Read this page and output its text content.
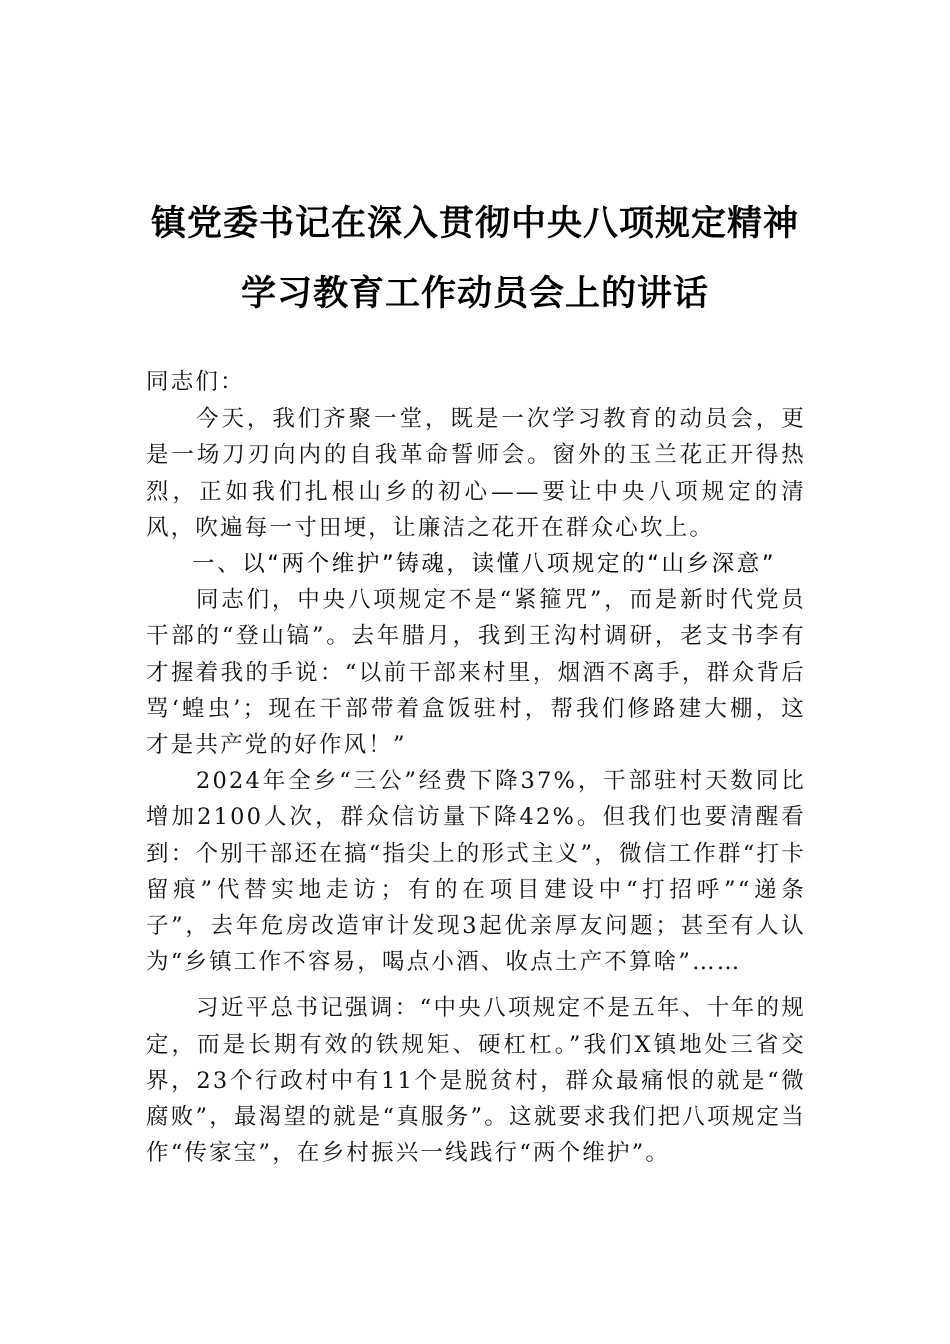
镇党委书记在深入贯彻中央八项规定精神
学习教育工作动员会上的讲话

同志们：

今天，我们齐聚一堂，既是一次学习教育的动员会，更是一场刀刃向内的自我革命誓师会。窗外的玉兰花正开得热烈，正如我们扎根山乡的初心——要让中央八项规定的清风，吹遍每一寸田埂，让廉洁之花开在群众心坎上。

一、以“两个维护”铸魂，读懂八项规定的“山乡深意”

同志们，中央八项规定不是“紧箍咒”，而是新时代党员干部的“登山镐”。去年腊月，我到王沟村调研，老支书李有才握着我的手说：“以前干部来村里，烟酒不离手，群众背后骂‘蝗虫’；现在干部带着盒饭驻村，帮我们修路建大棚，这才是共产党的好作风！”

2024年全乡“三公”经费下降37%，干部驻村天数同比增加2100人次，群众信访量下降42%。但我们也要清醒看到：个别干部还在搞“指尖上的形式主义”，微信工作群“打卡留痕”代替实地走访；有的在项目建设中“打招呼”“递条子”，去年危房改造审计发现3起优亲厚友问题；甚至有人认为“乡镇工作不容易，喝点小酒、收点土产不算啥”……

习近平总书记强调：“中央八项规定不是五年、十年的规定，而是长期有效的铁规矩、硬杠杠。”我们X镇地处三省交界，23个行政村中有11个是脱贫村，群众最痛恨的就是“微腐败”，最渴望的就是“真服务”。这就要求我们把八项规定当作“传家宝”，在乡村振兴一线践行“两个维护”。
